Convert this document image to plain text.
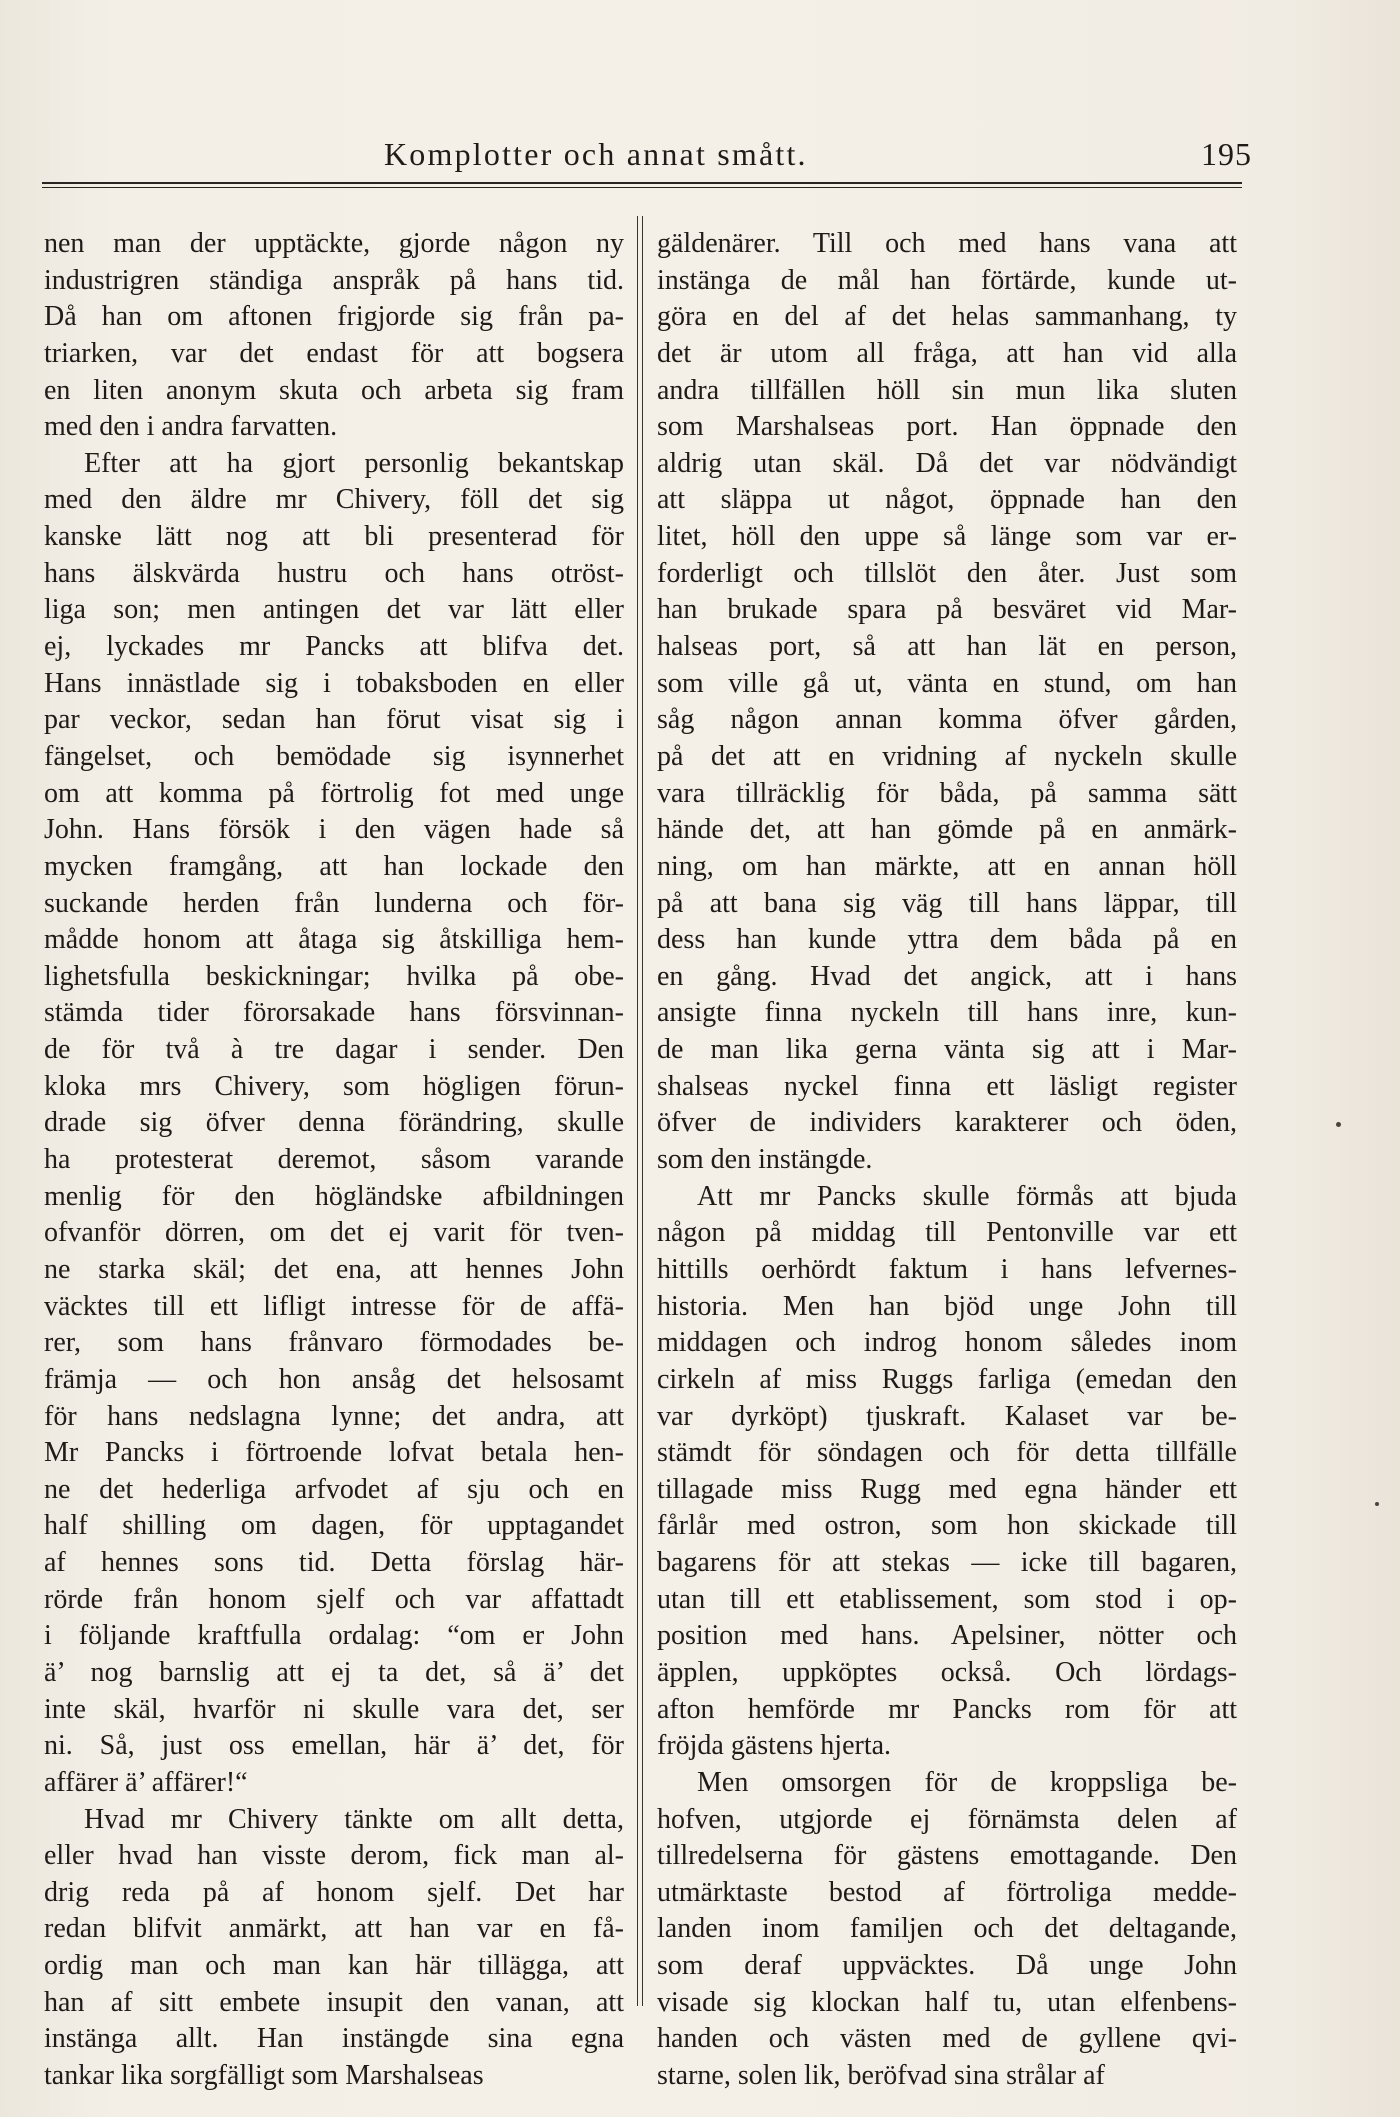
Komplotter och annat smått.	195
nen man der upptäckte, gjorde någon ny
industrigren ständiga anspråk på hans tid.
Då han om aftonen frigjorde sig från pa-
triarken, var det endast för att bogsera
en liten anonym skuta och arbeta sig fram
med den i andra farvatten.
Efter att ha gjort personlig bekantskap
med den äldre mr Chivery, föll det sig
kanske lätt nog att bli presenterad för
hans älskvärda hustru och hans otröst-
liga son; men antingen det var lätt eller
ej, lyckades mr Pancks att blifva det.
Hans innästlade sig i tobaksboden en eller
par veckor, sedan han förut visat sig i
fängelset, och bemödade sig isynnerhet
om att komma på förtrolig fot med unge
John. Hans försök i den vägen hade så
mycken framgång, att han lockade den
suckande herden från lunderna och för-
mådde honom att åtaga sig åtskilliga hem-
lighetsfulla beskickningar; hvilka på obe-
stämda tider förorsakade hans försvinnan-
de för två à tre dagar i sender. Den
kloka mrs Chivery, som högligen förun-
drade sig öfver denna förändring, skulle
ha protesterat deremot, såsom varande
menlig för den högländske afbildningen
ofvanför dörren, om det ej varit för tven-
ne starka skäl; det ena, att hennes John
väcktes till ett lifligt intresse för de affä-
rer, som hans frånvaro förmodades be-
främja — och hon ansåg det helsosamt
för hans nedslagna lynne; det andra, att
Mr Pancks i förtroende lofvat betala hen-
ne det hederliga arfvodet af sju och en
half shilling om dagen, för upptagandet
af hennes sons tid. Detta förslag här-
rörde från honom sjelf och var affattadt
i följande kraftfulla ordalag: “om er John
ä’ nog barnslig att ej ta det, så ä’ det
inte skäl, hvarför ni skulle vara det, ser
ni. Så, just oss emellan, här ä’ det, för
affärer ä’ affärer!“
Hvad mr Chivery tänkte om allt detta,
eller hvad han visste derom, fick man al-
drig reda på af honom sjelf. Det har
redan blifvit anmärkt, att han var en få-
ordig man och man kan här tillägga, att
han af sitt embete insupit den vanan, att
instänga allt. Han instängde sina egna
tankar lika sorgfälligt som Marshalseas
gäldenärer. Till och med hans vana att
instänga de mål han förtärde, kunde ut-
göra en del af det helas sammanhang, ty
det är utom all fråga, att han vid alla
andra tillfällen höll sin mun lika sluten
som Marshalseas port. Han öppnade den
aldrig utan skäl. Då det var nödvändigt
att släppa ut något, öppnade han den
litet, höll den uppe så länge som var er-
forderligt och tillslöt den åter. Just som
han brukade spara på besväret vid Mar-
halseas port, så att han lät en person,
som ville gå ut, vänta en stund, om han
såg någon annan komma öfver gården,
på det att en vridning af nyckeln skulle
vara tillräcklig för båda, på samma sätt
hände det, att han gömde på en anmärk-
ning, om han märkte, att en annan höll
på att bana sig väg till hans läppar, till
dess han kunde yttra dem båda på en
en gång. Hvad det angick, att i hans
ansigte finna nyckeln till hans inre, kun-
de man lika gerna vänta sig att i Mar-
shalseas nyckel finna ett läsligt register
öfver de individers karakterer och öden,
som den instängde.
Att mr Pancks skulle förmås att bjuda
någon på middag till Pentonville var ett
hittills oerhördt faktum i hans lefvernes-
historia. Men han bjöd unge John till
middagen och indrog honom således inom
cirkeln af miss Ruggs farliga (emedan den
var dyrköpt) tjuskraft. Kalaset var be-
stämdt för söndagen och för detta tillfälle
tillagade miss Rugg med egna händer ett
fårlår med ostron, som hon skickade till
bagarens för att stekas — icke till bagaren,
utan till ett etablissement, som stod i op-
position med hans. Apelsiner, nötter och
äpplen, uppköptes också. Och lördags-
afton hemförde mr Pancks rom för att
fröjda gästens hjerta.
Men omsorgen för de kroppsliga be-
hofven, utgjorde ej förnämsta delen af
tillredelserna för gästens emottagande. Den
utmärktaste bestod af förtroliga medde-
landen inom familjen och det deltagande,
som deraf uppväcktes. Då unge John
visade sig klockan half tu, utan elfenbens-
handen och västen med de gyllene qvi-
starne, solen lik, beröfvad sina strålar af
